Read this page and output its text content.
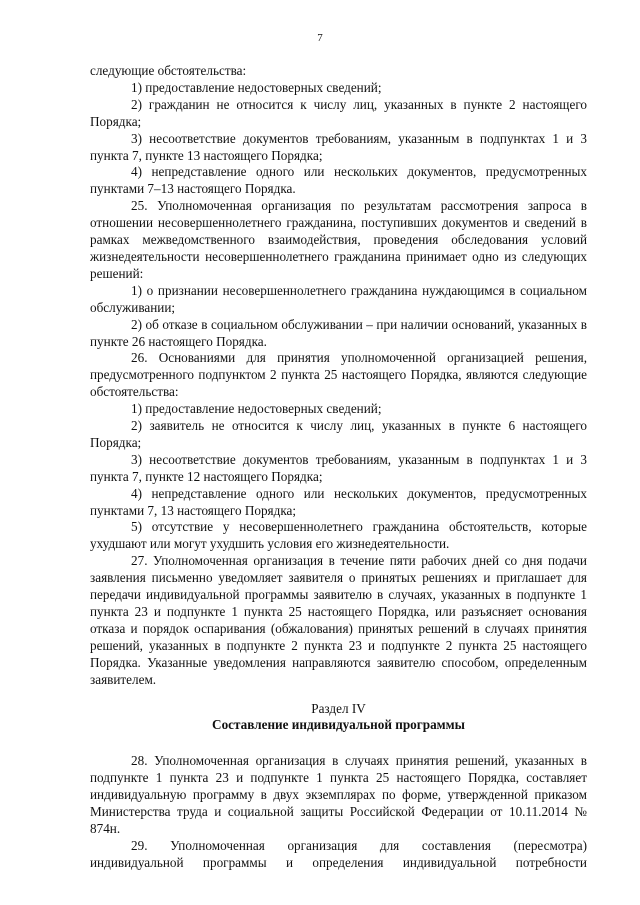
7

следующие обстоятельства:

1) предоставление недостоверных сведений;

2) гражданин не относится к числу лиц, указанных в пункте 2 настоящего Порядка;

3) несоответствие документов требованиям, указанным в подпунктах 1 и 3 пункта 7, пункте 13 настоящего Порядка;

4) непредставление одного или нескольких документов, предусмотренных пунктами 7–13 настоящего Порядка.

25. Уполномоченная организация по результатам рассмотрения запроса в отношении несовершеннолетнего гражданина, поступивших документов и сведений в рамках межведомственного взаимодействия, проведения обследования условий жизнедеятельности несовершеннолетнего гражданина принимает одно из следующих решений:

1) о признании несовершеннолетнего гражданина нуждающимся в социальном обслуживании;

2) об отказе в социальном обслуживании – при наличии оснований, указанных в пункте 26 настоящего Порядка.

26. Основаниями для принятия уполномоченной организацией решения, предусмотренного подпунктом 2 пункта 25 настоящего Порядка, являются следующие обстоятельства:

1) предоставление недостоверных сведений;

2) заявитель не относится к числу лиц, указанных в пункте 6 настоящего Порядка;

3) несоответствие документов требованиям, указанным в подпунктах 1 и 3 пункта 7, пункте 12 настоящего Порядка;

4) непредставление одного или нескольких документов, предусмотренных пунктами 7, 13 настоящего Порядка;

5) отсутствие у несовершеннолетнего гражданина обстоятельств, которые ухудшают или могут ухудшить условия его жизнедеятельности.

27. Уполномоченная организация в течение пяти рабочих дней со дня подачи заявления письменно уведомляет заявителя о принятых решениях и приглашает для передачи индивидуальной программы заявителю в случаях, указанных в подпункте 1 пункта 23 и подпункте 1 пункта 25 настоящего Порядка, или разъясняет основания отказа и порядок оспаривания (обжалования) принятых решений в случаях принятия решений, указанных в подпункте 2 пункта 23 и подпункте 2 пункта 25 настоящего Порядка. Указанные уведомления направляются заявителю способом, определенным заявителем.

Раздел IV
Составление индивидуальной программы

28. Уполномоченная организация в случаях принятия решений, указанных в подпункте 1 пункта 23 и подпункте 1 пункта 25 настоящего Порядка, составляет индивидуальную программу в двух экземплярах по форме, утвержденной приказом Министерства труда и социальной защиты Российской Федерации от 10.11.2014 № 874н.

29. Уполномоченная организация для составления (пересмотра) индивидуальной программы и определения индивидуальной потребности
